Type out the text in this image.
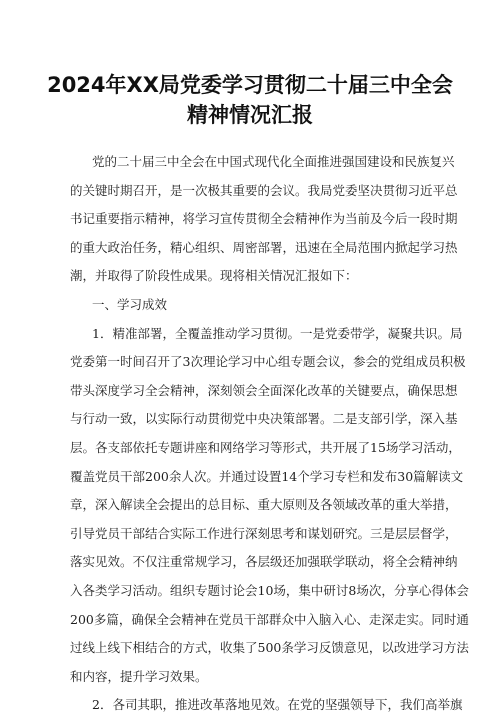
2024年XX局党委学习贯彻二十届三中全会
精神情况汇报
党的二十届三中全会在中国式现代化全面推进强国建设和民族复兴
的关键时期召开，是一次极其重要的会议。我局党委坚决贯彻习近平总
书记重要指示精神，将学习宣传贯彻全会精神作为当前及今后一段时期
的重大政治任务，精心组织、周密部署，迅速在全局范围内掀起学习热
潮，并取得了阶段性成果。现将相关情况汇报如下：
一、学习成效
1．精准部署，全覆盖推动学习贯彻。一是党委带学，凝聚共识。局
党委第一时间召开了3次理论学习中心组专题会议，参会的党组成员积极
带头深度学习全会精神，深刻领会全面深化改革的关键要点，确保思想
与行动一致，以实际行动贯彻党中央决策部署。二是支部引学，深入基
层。各支部依托专题讲座和网络学习等形式，共开展了15场学习活动，
覆盖党员干部200余人次。并通过设置14个学习专栏和发布30篇解读文
章，深入解读全会提出的总目标、重大原则及各领域改革的重大举措，
引导党员干部结合实际工作进行深刻思考和谋划研究。三是层层督学，
落实见效。不仅注重常规学习，各层级还加强联学联动，将全会精神纳
入各类学习活动。组织专题讨论会10场，集中研讨8场次，分享心得体会
200多篇，确保全会精神在党员干部群众中入脑入心、走深走实。同时通
过线上线下相结合的方式，收集了500条学习反馈意见，以改进学习方法
和内容，提升学习效果。
2．各司其职，推进改革落地见效。在党的坚强领导下，我们高举旗
